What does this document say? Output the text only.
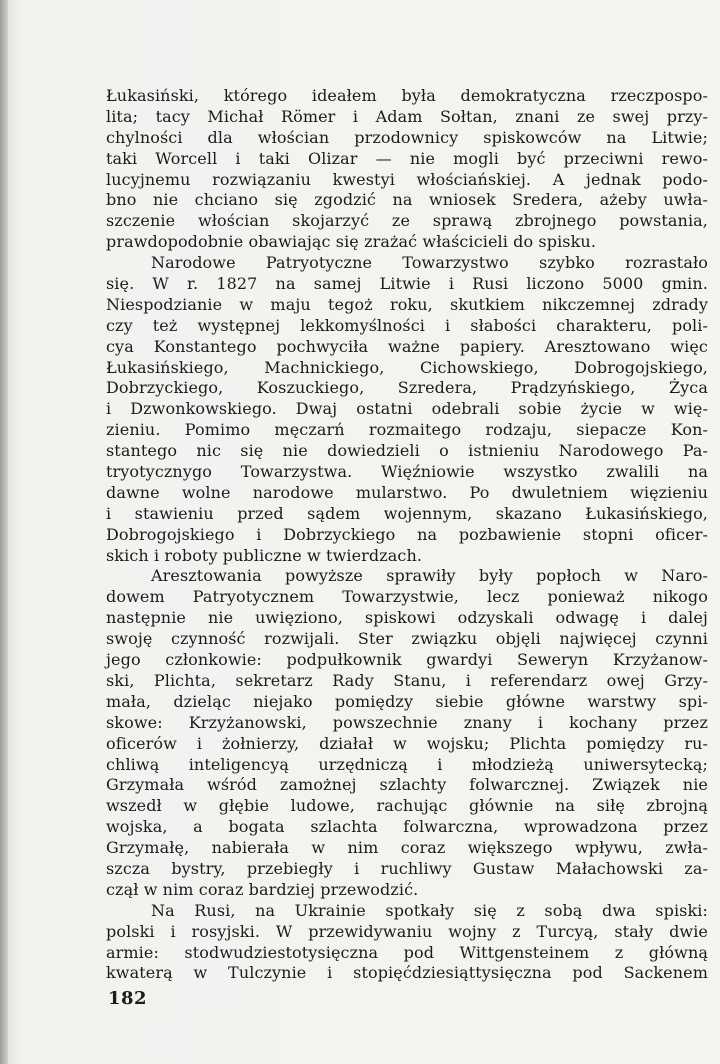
Łukasiński, którego ideałem była demokratyczna rzeczpospo-
lita; tacy Michał Römer i Adam Sołtan, znani ze swej przy-
chylności dla włościan przodownicy spiskowców na Litwie;
taki Worcell i taki Olizar — nie mogli być przeciwni rewo-
lucyjnemu rozwiązaniu kwestyi włościańskiej. A jednak podo-
bno nie chciano się zgodzić na wniosek Sredera, ażeby uwła-
szczenie włościan skojarzyć ze sprawą zbrojnego powstania,
prawdopodobnie obawiając się zrażać właścicieli do spisku.
Narodowe Patryotyczne Towarzystwo szybko rozrastało
się. W r. 1827 na samej Litwie i Rusi liczono 5000 gmin.
Niespodzianie w maju tegoż roku, skutkiem nikczemnej zdrady
czy też występnej lekkomyślności i słabości charakteru, poli-
cya Konstantego pochwyciła ważne papiery. Aresztowano więc
Łukasińskiego, Machnickiego, Cichowskiego, Dobrogojskiego,
Dobrzyckiego, Koszuckiego, Szredera, Prądzyńskiego, Życa
i Dzwonkowskiego. Dwaj ostatni odebrali sobie życie w wię-
zieniu. Pomimo męczarń rozmaitego rodzaju, siepacze Kon-
stantego nic się nie dowiedzieli o istnieniu Narodowego Pa-
tryotycznygo Towarzystwa. Więźniowie wszystko zwalili na
dawne wolne narodowe mularstwo. Po dwuletniem więzieniu
i stawieniu przed sądem wojennym, skazano Łukasińskiego,
Dobrogojskiego i Dobrzyckiego na pozbawienie stopni oficer-
skich i roboty publiczne w twierdzach.
Aresztowania powyższe sprawiły były popłoch w Naro-
dowem Patryotycznem Towarzystwie, lecz ponieważ nikogo
następnie nie uwięziono, spiskowi odzyskali odwagę i dalej
swoję czynność rozwijali. Ster związku objęli najwięcej czynni
jego członkowie: podpułkownik gwardyi Seweryn Krzyżanow-
ski, Plichta, sekretarz Rady Stanu, i referendarz owej Grzy-
mała, dzieląc niejako pomiędzy siebie główne warstwy spi-
skowe: Krzyżanowski, powszechnie znany i kochany przez
oficerów i żołnierzy, działał w wojsku; Plichta pomiędzy ru-
chliwą inteligencyą urzędniczą i młodzieżą uniwersytecką;
Grzymała wśród zamożnej szlachty folwarcznej. Związek nie
wszedł w głębie ludowe, rachując głównie na siłę zbrojną
wojska, a bogata szlachta folwarczna, wprowadzona przez
Grzymałę, nabierała w nim coraz większego wpływu, zwła-
szcza bystry, przebiegły i ruchliwy Gustaw Małachowski za-
czął w nim coraz bardziej przewodzić.
Na Rusi, na Ukrainie spotkały się z sobą dwa spiski:
polski i rosyjski. W przewidywaniu wojny z Turcyą, stały dwie
armie: stodwudziestotysięczna pod Wittgensteinem z główną
kwaterą w Tulczynie i stopięćdziesiąttysięczna pod Sackenem
182
